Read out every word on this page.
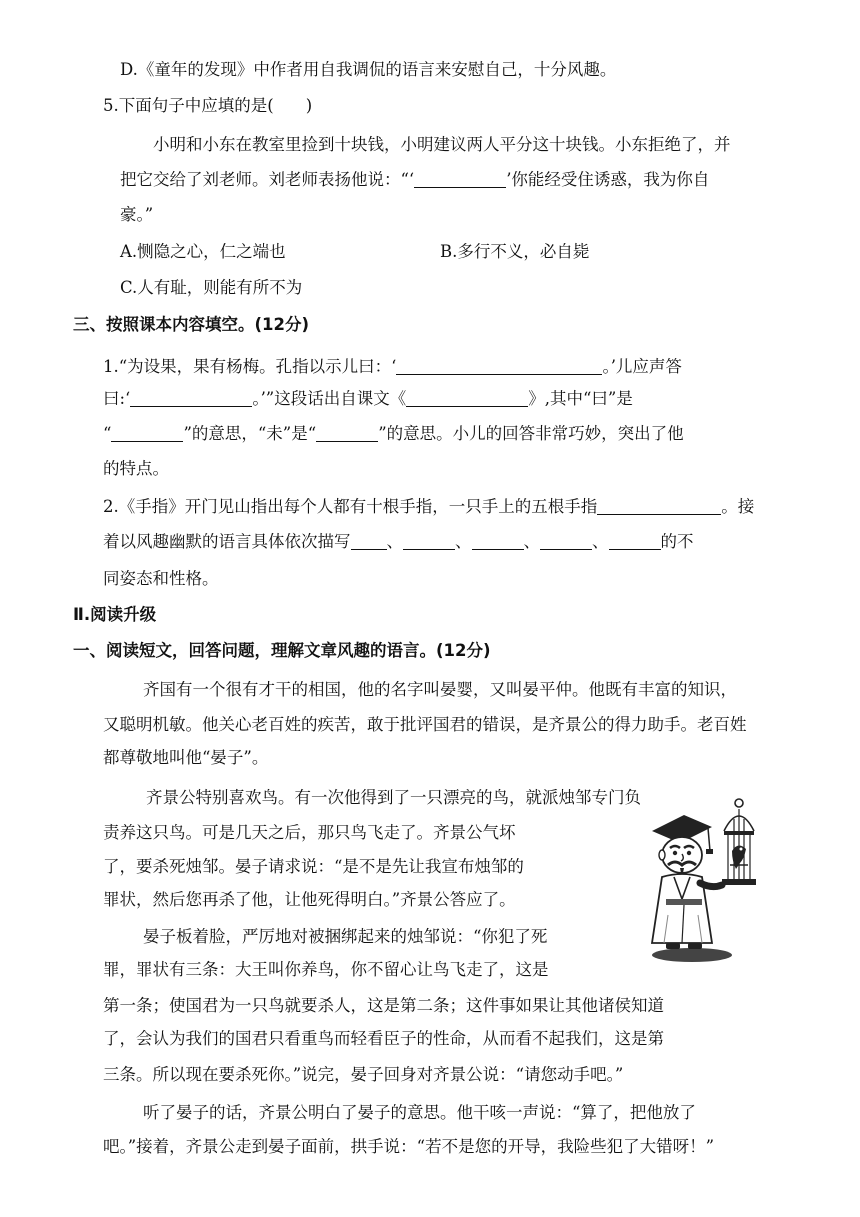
D.《童年的发现》中作者用自我调侃的语言来安慰自己，十分风趣。
5.下面句子中应填的是( )
小明和小东在教室里捡到十块钱，小明建议两人平分这十块钱。小东拒绝了，并
把它交给了刘老师。刘老师表扬他说：“‘	’你能经受住诱惑，我为你自
豪。”
A.恻隐之心，仁之端也	B.多行不义，必自毙
C.人有耻，则能有所不为
三、按照课本内容填空。(12分)
1.“为设果，果有杨梅。孔指以示儿曰：‘	。’儿应声答
曰:‘	。’”这段话出自课文《	》,其中“曰”是
“	”的意思，“未”是“	”的意思。小儿的回答非常巧妙，突出了他
的特点。
2.《手指》开门见山指出每个人都有十根手指，一只手上的五根手指	。接
着以风趣幽默的语言具体依次描写 、	、	、	、	的不
同姿态和性格。
Ⅱ.阅读升级
一、阅读短文，回答问题，理解文章风趣的语言。(12分)
齐国有一个很有才干的相国，他的名字叫晏婴，又叫晏平仲。他既有丰富的知识，
又聪明机敏。他关心老百姓的疾苦，敢于批评国君的错误，是齐景公的得力助手。老百姓
都尊敬地叫他“晏子”。
齐景公特别喜欢鸟。有一次他得到了一只漂亮的鸟，就派烛邹专门负
责养这只鸟。可是几天之后，那只鸟飞走了。齐景公气坏
了，要杀死烛邹。晏子请求说：“是不是先让我宣布烛邹的
罪状，然后您再杀了他，让他死得明白。”齐景公答应了。
晏子板着脸，严厉地对被捆绑起来的烛邹说：“你犯了死
罪，罪状有三条：大王叫你养鸟，你不留心让鸟飞走了，这是
第一条；使国君为一只鸟就要杀人，这是第二条；这件事如果让其他诸侯知道
了，会认为我们的国君只看重鸟而轻看臣子的性命，从而看不起我们，这是第
三条。所以现在要杀死你。”说完，晏子回身对齐景公说：“请您动手吧。”
听了晏子的话，齐景公明白了晏子的意思。他干咳一声说：“算了，把他放了
吧。”接着，齐景公走到晏子面前，拱手说：“若不是您的开导，我险些犯了大错呀！”
